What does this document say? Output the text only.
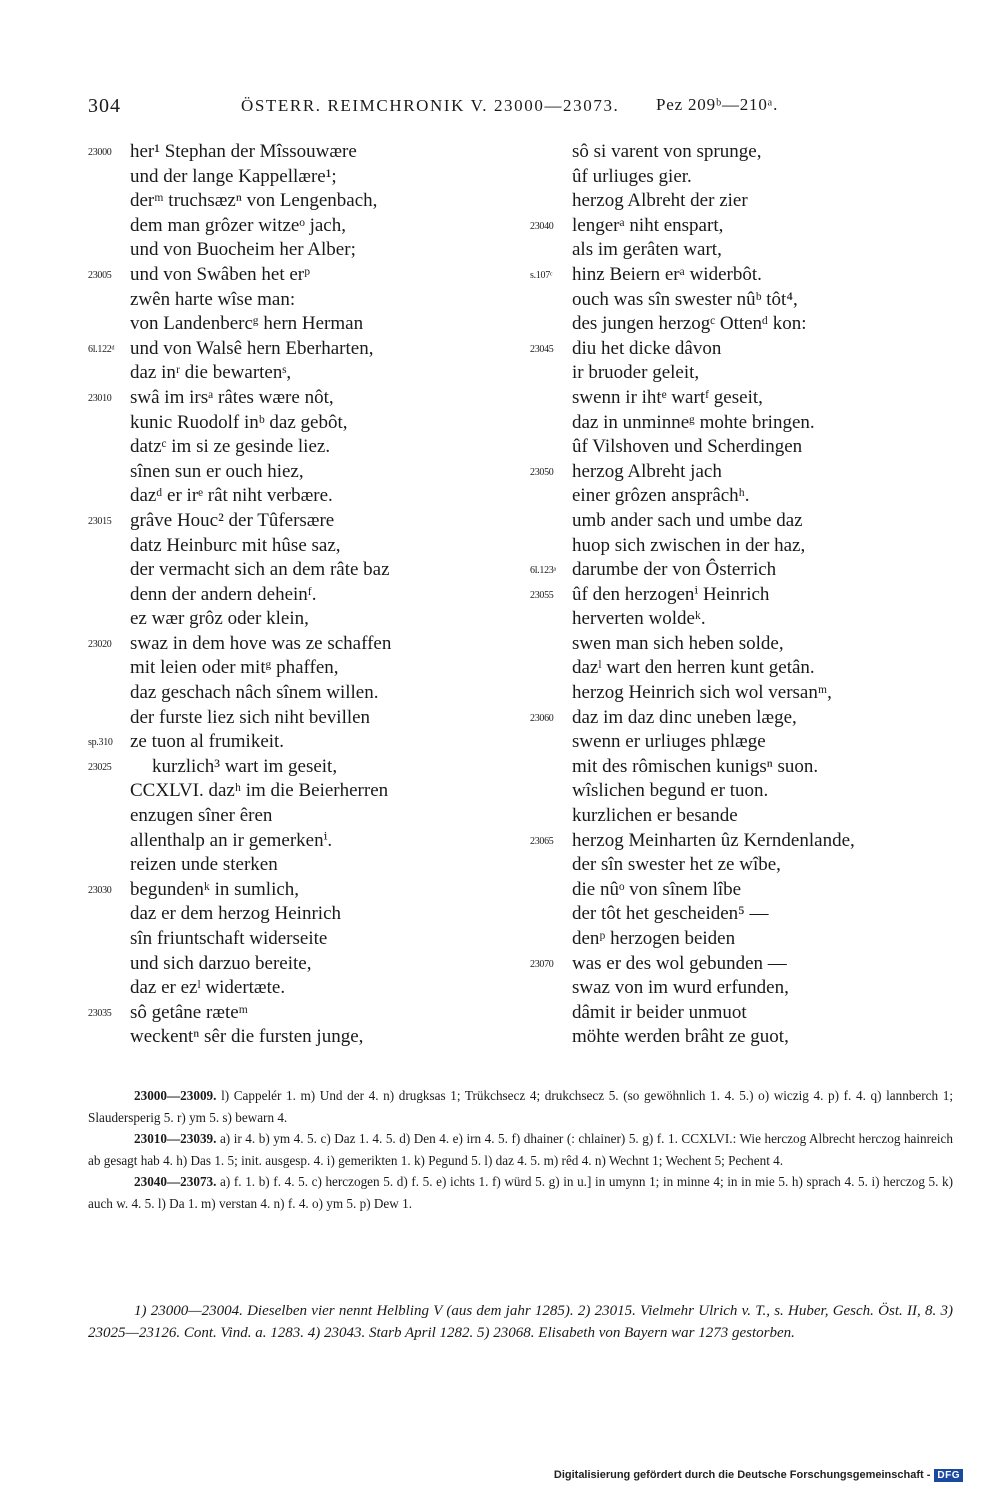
304	ÖSTERR. REIMCHRONIK V. 23000—23073. Pez 209ᵇ—210ᵃ.
23000 her¹ Stephan der Mîssouwære
und der lange Kappellære¹;
derᵐ truchsæzⁿ von Lengenbach,
dem man grôzer witzeᵒ jach,
und von Buocheim her Alber;
23005 und von Swâben het erᵖ
zwên harte wîse man:
von Landenbercᵍ hern Herman
6l.122ᵈ und von Walsê hern Eberharten,
daz inʳ die bewartenˢ,
23010 swâ im irsᵃ râtes wære nôt,
kunic Ruodolf inᵇ daz gebôt,
datzᶜ im si ze gesinde liez.
sînen sun er ouch hiez,
dazᵈ er irᵉ rât niht verbære.
23015 grâve Houc² der Tûfersære
datz Heinburc mit hûse saz,
der vermacht sich an dem râte baz
denn der andern deheinᶠ.
ez wær grôz oder klein,
23020 swaz in dem hove was ze schaffen
mit leien oder mitᵍ phaffen,
daz geschach nâch sînem willen.
der furste liez sich niht bevillen
sp.310 ze tuon al frumikeit.
23025 kurzlich³ wart im geseit,
CCXLVI. dazʰ im die Beierherren
enzugen sîner êren
allenthalp an ir gemerkenⁱ.
reizen unde sterken
23030 begundenᵏ in sumlich,
daz er dem herzog Heinrich
sîn friuntschaft widerseite
und sich darzuo bereite,
daz er ezˡ widertæte.
23035 sô getâne ræteᵐ
weckentⁿ sêr die fursten junge,
sô si varent von sprunge,
ûf urliuges gier.
herzog Albreht der zier
23040 lengerᵃ niht enspart,
als im gerâten wart,
s.107ᶜ hinz Beiern erᵃ widerbôt.
ouch was sîn swester nûᵇ tôt⁴,
des jungen herzogᶜ Ottenᵈ kon:
23045 diu het dicke dâvon
ir bruoder geleit,
swenn ir ihtᵉ wartᶠ geseit,
daz in unminneᵍ mohte bringen.
ûf Vilshoven und Scherdingen
23050 herzog Albreht jach
einer grôzen ansprâchʰ.
umb ander sach und umbe daz
huop sich zwischen in der haz,
6l.123ᵃ darumbe der von Ôsterrich
23055 ûf den herzogenⁱ Heinrich
herverten woldeᵏ.
swen man sich heben solde,
dazˡ wart den herren kunt getân.
herzog Heinrich sich wol versanᵐ,
23060 daz im daz dinc uneben læge,
swenn er urliuges phlæge
mit des rômischen kunigsⁿ suon.
wîslichen begund er tuon.
kurzlichen er besande
23065 herzog Meinharten ûz Kerndenlande,
der sîn swester het ze wîbe,
die nûᵒ von sînem lîbe
der tôt het gescheiden⁵ —
denᵖ herzogen beiden
23070 was er des wol gebunden —
swaz von im wurd erfunden,
dâmit ir beider unmuot
möhte werden brâht ze guot,

23000—23009. l) Cappelér 1. m) Und der 4. n) drugksas 1; Trükchsecz 4; drukchsecz 5. (so gewöhnlich 1. 4. 5.) o) wiczig 4. p) f. 4. q) lannberch 1; Slaudersperig 5. r) ym 5. s) bewarn 4.

23010—23039. a) ir 4. b) ym 4. 5. c) Daz 1. 4. 5. d) Den 4. e) irn 4. 5. f) dhainer (: chlainer) 5. g) f. 1. CCXLVI.: Wie herczog Albrecht herczog hainreich ab gesagt hab 4. h) Das 1. 5; init. ausgesp. 4. i) gemerikten 1. k) Pegund 5. l) daz 4. 5. m) rêd 4. n) Wechnt 1; Wechent 5; Pechent 4.

23040—23073. a) f. 1. b) f. 4. 5. c) herczogen 5. d) f. 5. e) ichts 1. f) würd 5. g) in u.] in umynn 1; in minne 4; in in mie 5. h) sprach 4. 5. i) herczog 5. k) auch w. 4. 5. l) Da 1. m) verstan 4. n) f. 4. o) ym 5. p) Dew 1.

1) 23000—23004. Dieselben vier nennt Helbling V (aus dem jahr 1285). 2) 23015. Vielmehr Ulrich v. T., s. Huber, Gesch. Öst. II, 8. 3) 23025—23126. Cont. Vind. a. 1283. 4) 23043. Starb April 1282. 5) 23068. Elisabeth von Bayern war 1273 gestorben.

Digitalisierung gefördert durch die Deutsche Forschungsgemeinschaft - DFG
